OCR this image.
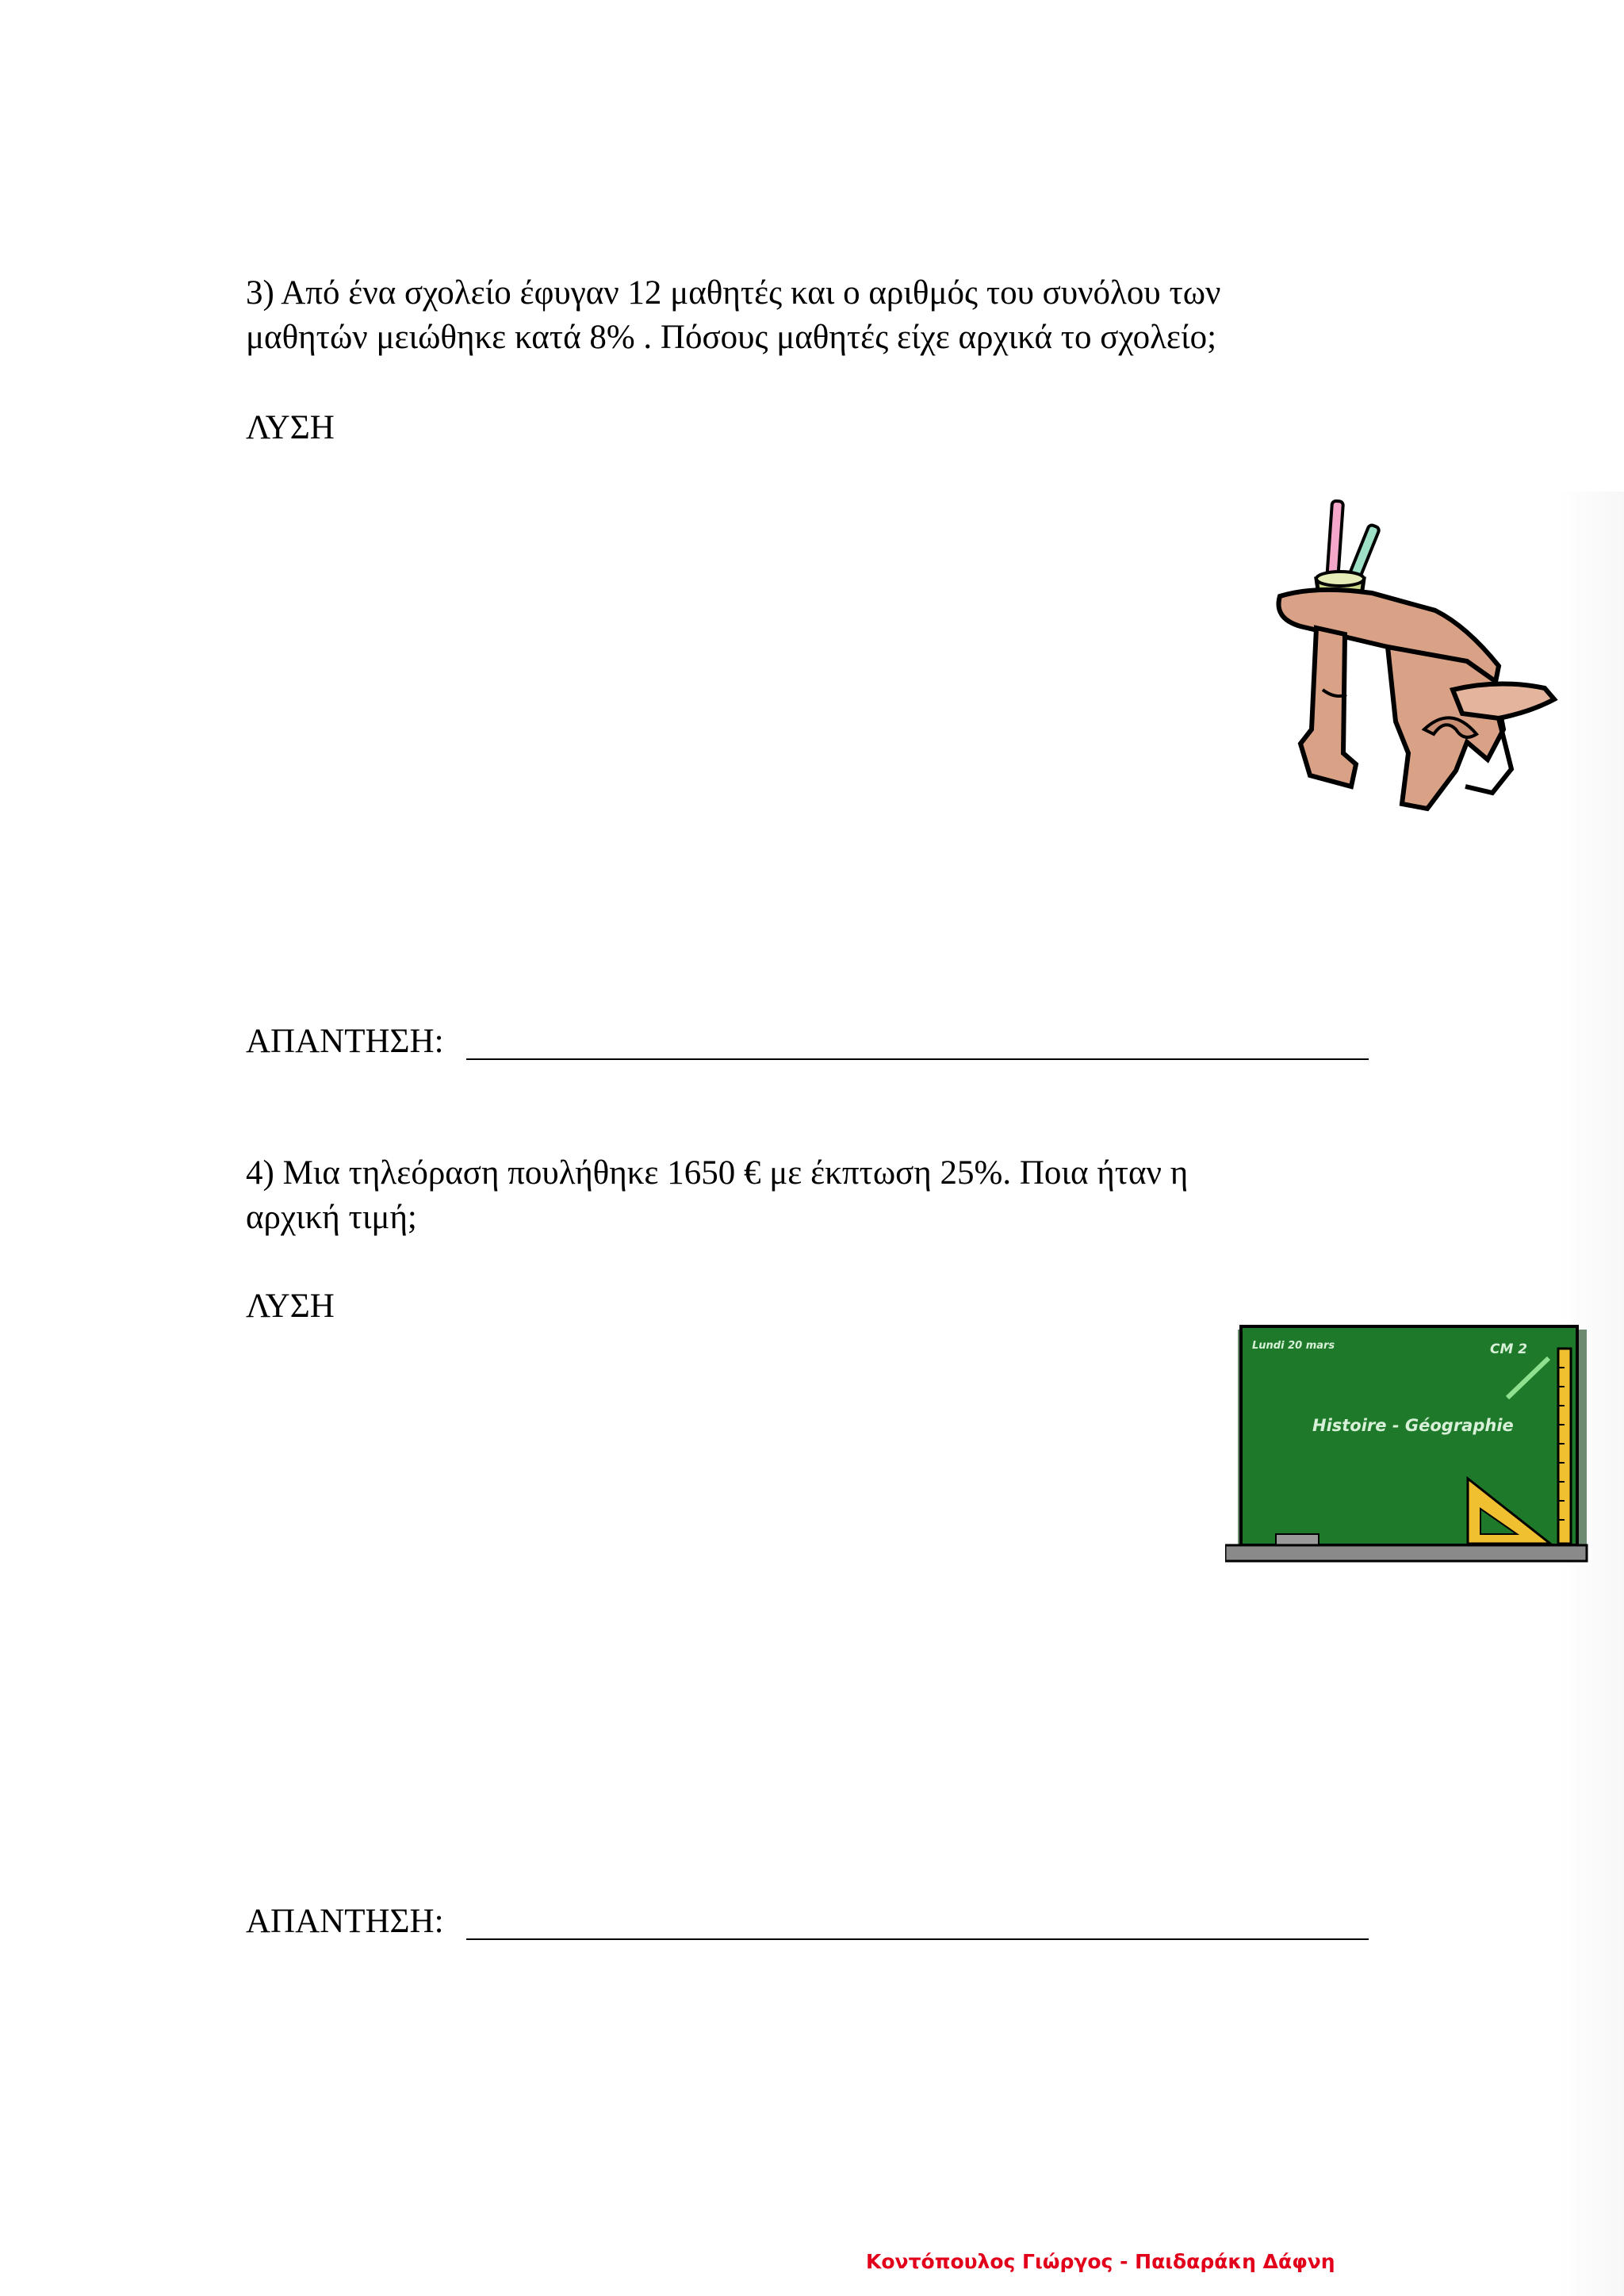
3) Από ένα σχολείο έφυγαν 12 μαθητές και ο αριθμός του συνόλου των
μαθητών μειώθηκε κατά 8% . Πόσους μαθητές είχε αρχικά το σχολείο;
ΛΥΣΗ
ΑΠΑΝΤΗΣΗ:
4) Μια τηλεόραση πουλήθηκε 1650 € με έκπτωση 25%. Ποια ήταν η
αρχική τιμή;
ΛΥΣΗ
Lundi 20 mars	CM 2
Histoire - Géographie
ΑΠΑΝΤΗΣΗ:
Κοντόπουλος Γιώργος - Παιδαράκη Δάφνη
